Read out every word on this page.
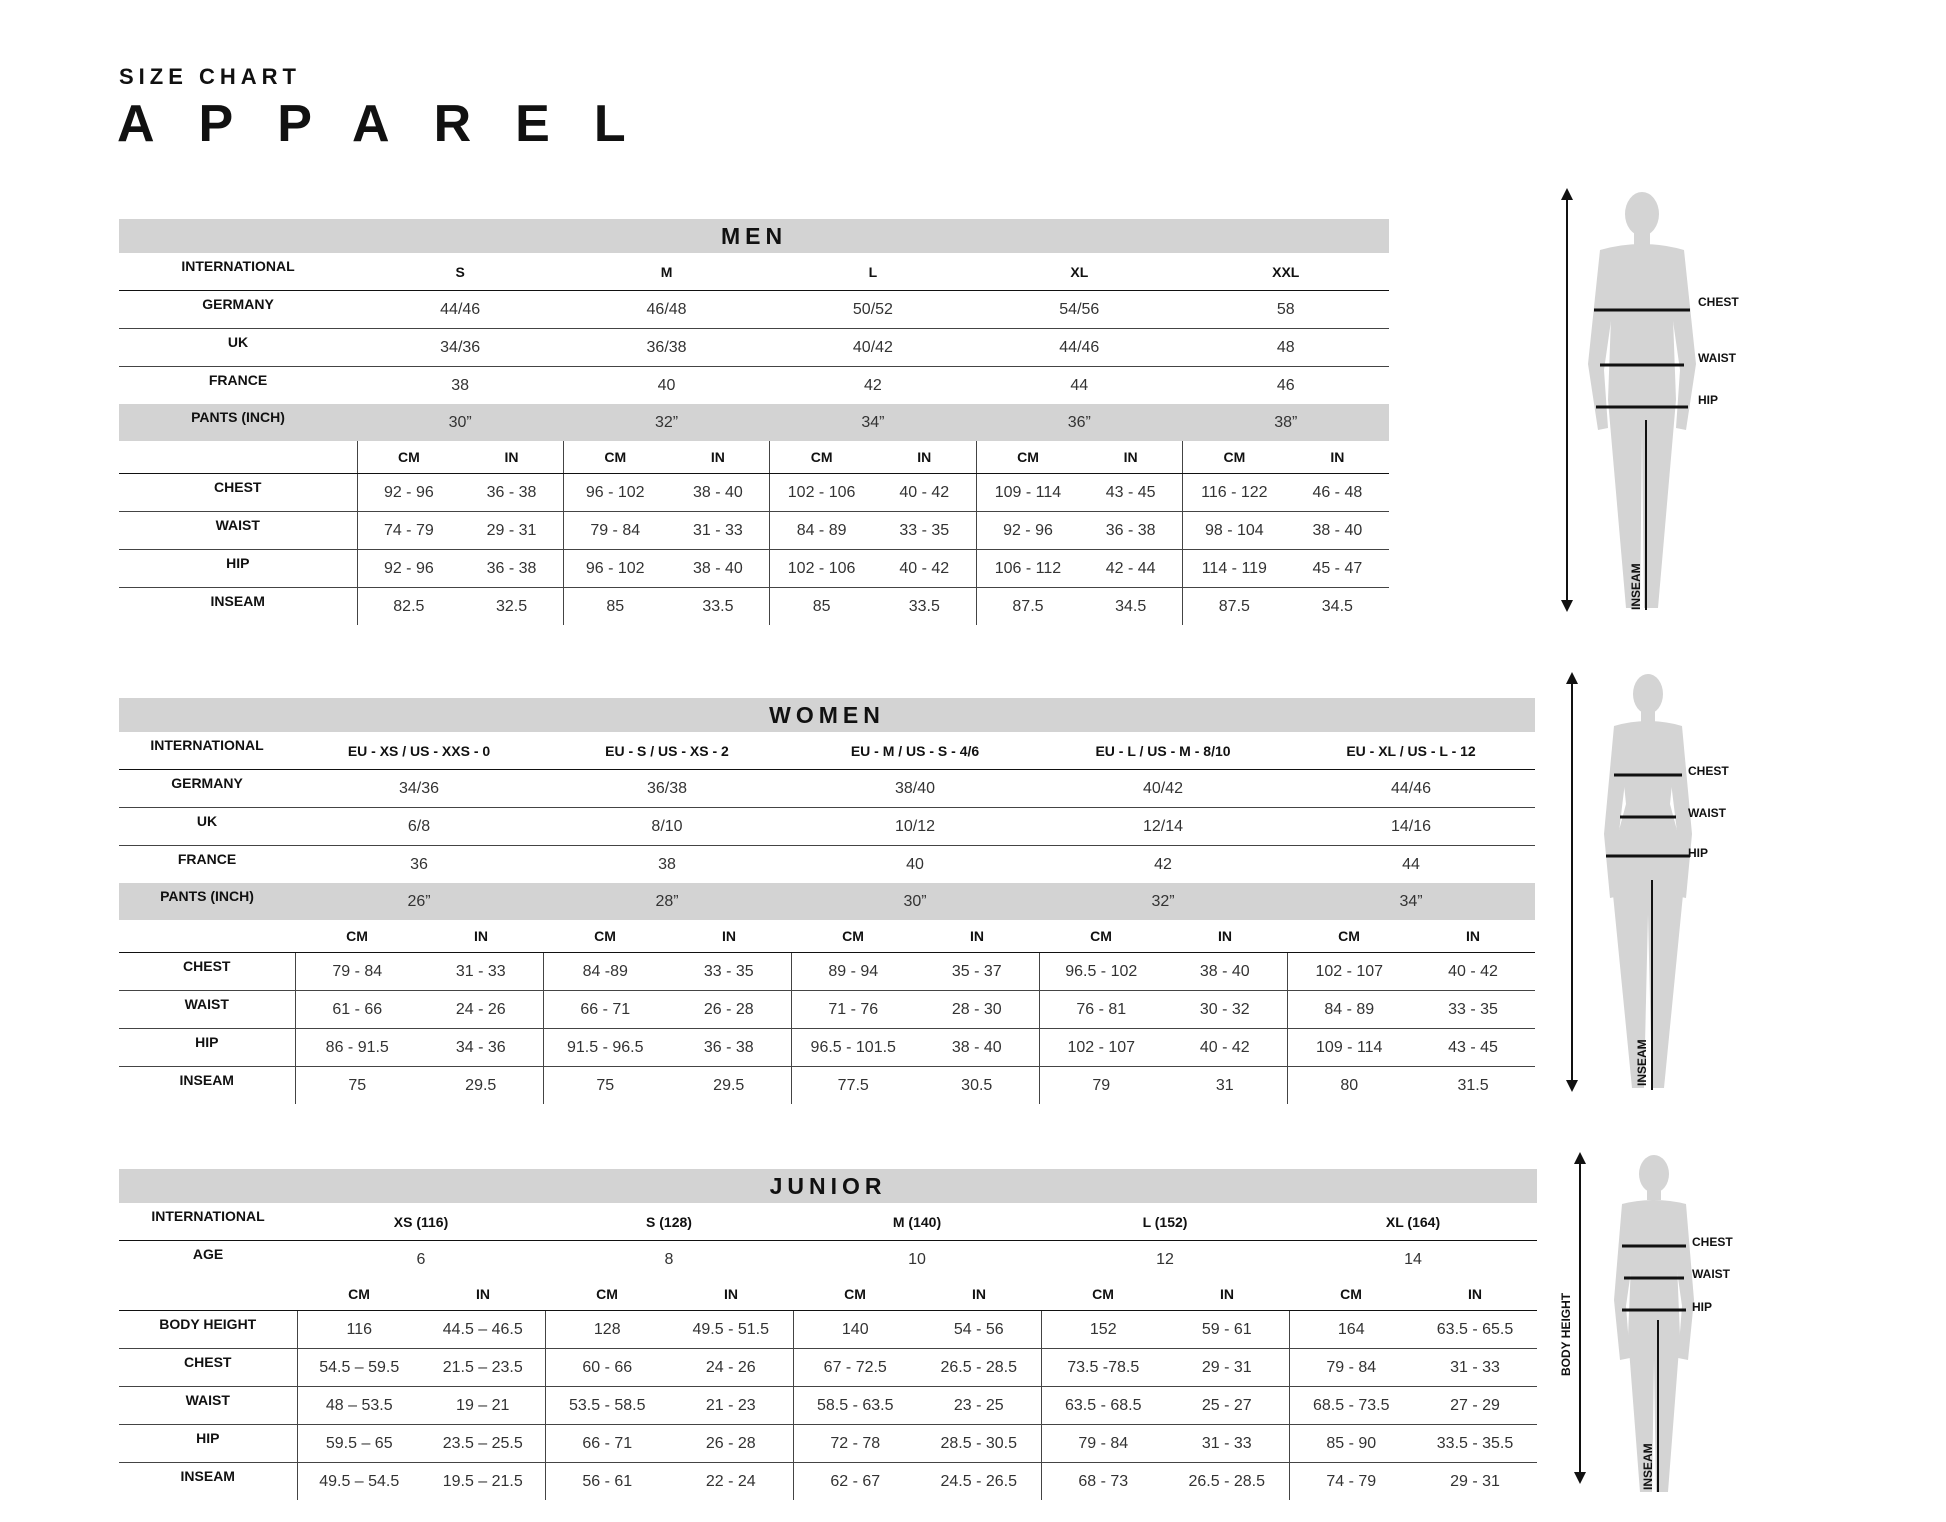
SIZE CHART
APPAREL
MEN										
INTERNATIONAL	S		M		L		XL		XXL	
GERMANY	44/46		46/48		50/52		54/56		58	
UK	34/36		36/38		40/42		44/46		48	
FRANCE	38		40		42		44		46	
PANTS (INCH)	30”		32”		34”		36”		38”	
	CM	IN	CM	IN	CM	IN	CM	IN	CM	IN
CHEST	92 - 96	36 - 38	96 - 102	38 - 40	102 - 106	40 - 42	109 - 114	43 - 45	116 - 122	46 - 48
WAIST	74 - 79	29 - 31	79 - 84	31 - 33	84 - 89	33 - 35	92 - 96	36 - 38	98 - 104	38 - 40
HIP	92 - 96	36 - 38	96 - 102	38 - 40	102 - 106	40 - 42	106 - 112	42 - 44	114 - 119	45 - 47
INSEAM	82.5	32.5	85	33.5	85	33.5	87.5	34.5	87.5	34.5
WOMEN										
INTERNATIONAL	EU - XS / US - XXS - 0		EU - S / US - XS - 2		EU - M / US - S - 4/6		EU - L / US - M - 8/10		EU - XL / US - L - 12	
GERMANY	34/36		36/38		38/40		40/42		44/46	
UK	6/8		8/10		10/12		12/14		14/16	
FRANCE	36		38		40		42		44	
PANTS (INCH)	26”		28”		30”		32”		34”	
	CM	IN	CM	IN	CM	IN	CM	IN	CM	IN
CHEST	79 - 84	31 - 33	84 -89	33 - 35	89 - 94	35 - 37	96.5 - 102	38 - 40	102 - 107	40 - 42
WAIST	61 - 66	24 - 26	66 - 71	26 - 28	71 - 76	28 - 30	76 - 81	30 - 32	84 - 89	33 - 35
HIP	86 - 91.5	34 - 36	91.5 - 96.5	36 - 38	96.5 - 101.5	38 - 40	102 - 107	40 - 42	109 - 114	43 - 45
INSEAM	75	29.5	75	29.5	77.5	30.5	79	31	80	31.5
JUNIOR										
INTERNATIONAL	XS (116)		S (128)		M (140)		L (152)		XL (164)	
AGE	6		8		10		12		14	
	CM	IN	CM	IN	CM	IN	CM	IN	CM	IN
BODY HEIGHT	116	44.5 – 46.5	128	49.5 - 51.5	140	54 - 56	152	59 - 61	164	63.5 - 65.5
CHEST	54.5 – 59.5	21.5 – 23.5	60 - 66	24 - 26	67 - 72.5	26.5 - 28.5	73.5 -78.5	29 - 31	79 - 84	31 - 33
WAIST	48 – 53.5	19 – 21	53.5 - 58.5	21 - 23	58.5 - 63.5	23 - 25	63.5 - 68.5	25 - 27	68.5 - 73.5	27 - 29
HIP	59.5 – 65	23.5 – 25.5	66 - 71	26 - 28	72 - 78	28.5 - 30.5	79 - 84	31 - 33	85 - 90	33.5 - 35.5
INSEAM	49.5 – 54.5	19.5 – 21.5	56 - 61	22 - 24	62 - 67	24.5 - 26.5	68 - 73	26.5 - 28.5	74 - 79	29 - 31
CHEST
WAIST
HIP
INSEAM
CHEST
WAIST
HIP
INSEAM
CHEST
WAIST
HIP
INSEAM
BODY HEIGHT
